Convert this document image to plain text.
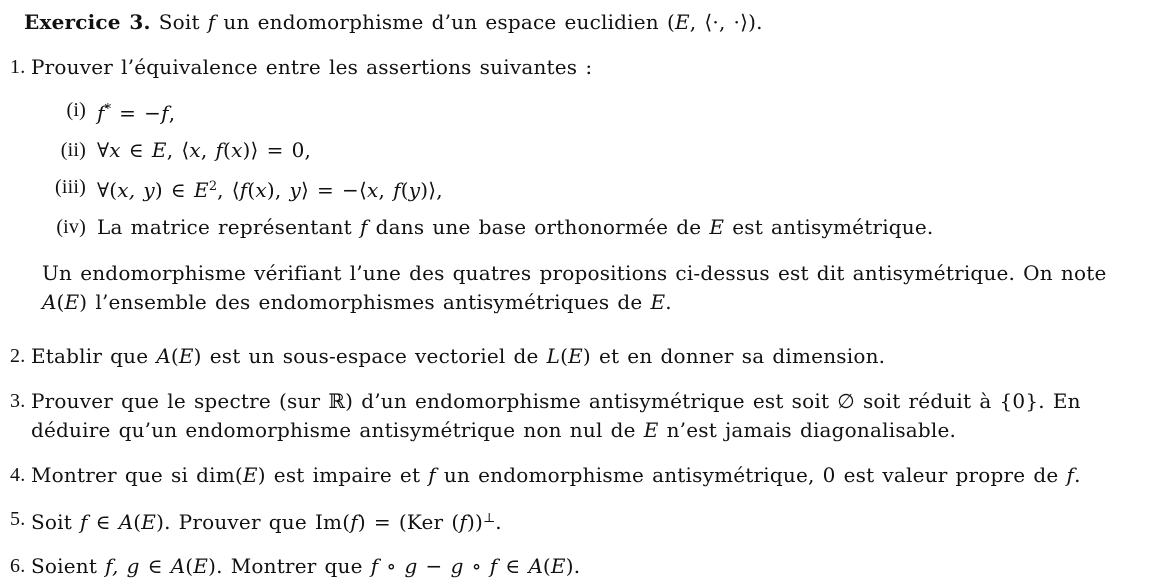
Exercice 3. Soit f un endomorphisme d’un espace euclidien (E, ⟨·, ·⟩).

1. Prouver l’équivalence entre les assertions suivantes :

(i) f* = −f,

(ii) ∀x ∈ E, ⟨x, f(x)⟩ = 0,

(iii) ∀(x, y) ∈ $E^2$, ⟨f(x), y⟩ = −⟨x, f(y)⟩,

(iv) La matrice représentant f dans une base orthonormée de E est antisymétrique.

Un endomorphisme vérifiant l’une des quatres propositions ci-dessus est dit antisymétrique. On note A(E) l’ensemble des endomorphismes antisymétriques de E.

2. Etablir que A(E) est un sous-espace vectoriel de L(E) et en donner sa dimension.

3. Prouver que le spectre (sur ℝ) d’un endomorphisme antisymétrique est soit ∅ soit réduit à {0}. En déduire qu’un endomorphisme antisymétrique non nul de E n’est jamais diagonalisable.

4. Montrer que si dim(E) est impaire et f un endomorphisme antisymétrique, 0 est valeur propre de f.

5. Soit f ∈ A(E). Prouver que Im(f) = (Ker (f))⊥.

6. Soient f, g ∈ A(E). Montrer que f ∘ g − g ∘ f ∈ A(E).
